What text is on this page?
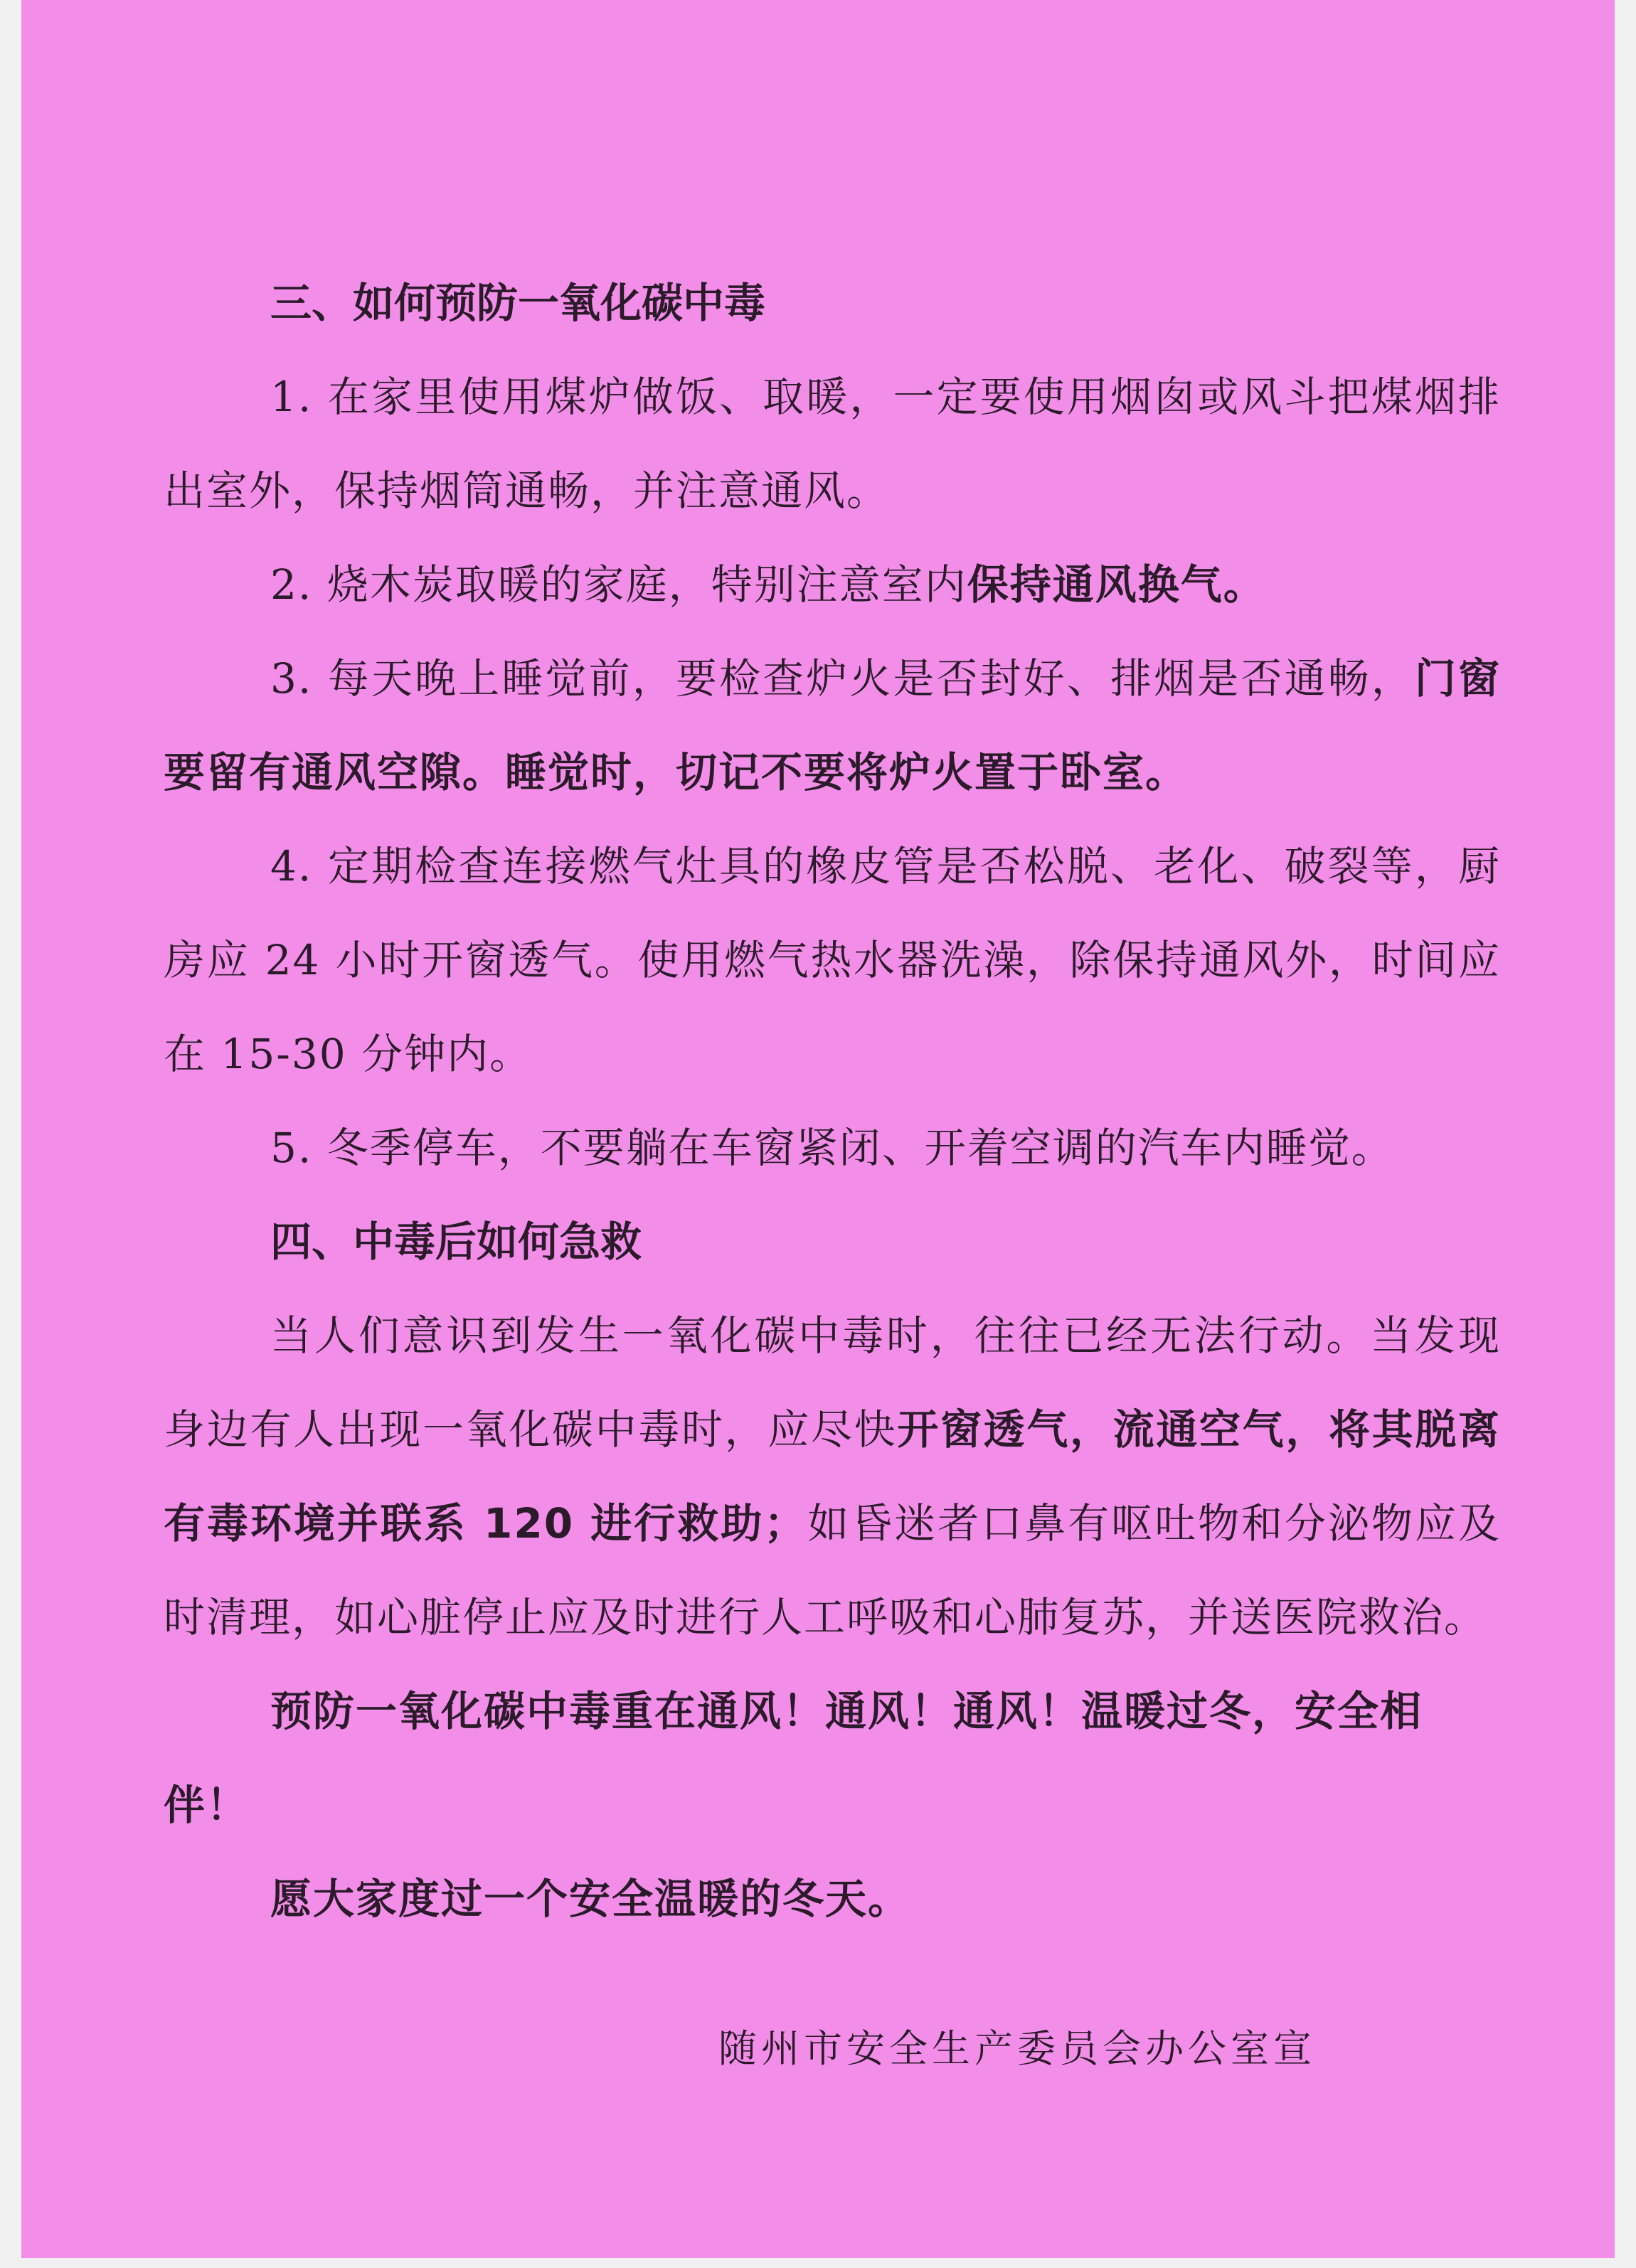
三、如何预防一氧化碳中毒

1. 在家里使用煤炉做饭、取暖，一定要使用烟囱或风斗把煤烟排出室外，保持烟筒通畅，并注意通风。

2. 烧木炭取暖的家庭，特别注意室内保持通风换气。

3. 每天晚上睡觉前，要检查炉火是否封好、排烟是否通畅，门窗要留有通风空隙。睡觉时，切记不要将炉火置于卧室。

4. 定期检查连接燃气灶具的橡皮管是否松脱、老化、破裂等，厨房应 24 小时开窗透气。使用燃气热水器洗澡，除保持通风外，时间应在 15-30 分钟内。

5. 冬季停车，不要躺在车窗紧闭、开着空调的汽车内睡觉。

四、中毒后如何急救

当人们意识到发生一氧化碳中毒时，往往已经无法行动。当发现身边有人出现一氧化碳中毒时，应尽快开窗透气，流通空气，将其脱离有毒环境并联系 120 进行救助；如昏迷者口鼻有呕吐物和分泌物应及时清理，如心脏停止应及时进行人工呼吸和心肺复苏，并送医院救治。

预防一氧化碳中毒重在通风！通风！通风！温暖过冬，安全相伴！

愿大家度过一个安全温暖的冬天。

随州市安全生产委员会办公室宣
